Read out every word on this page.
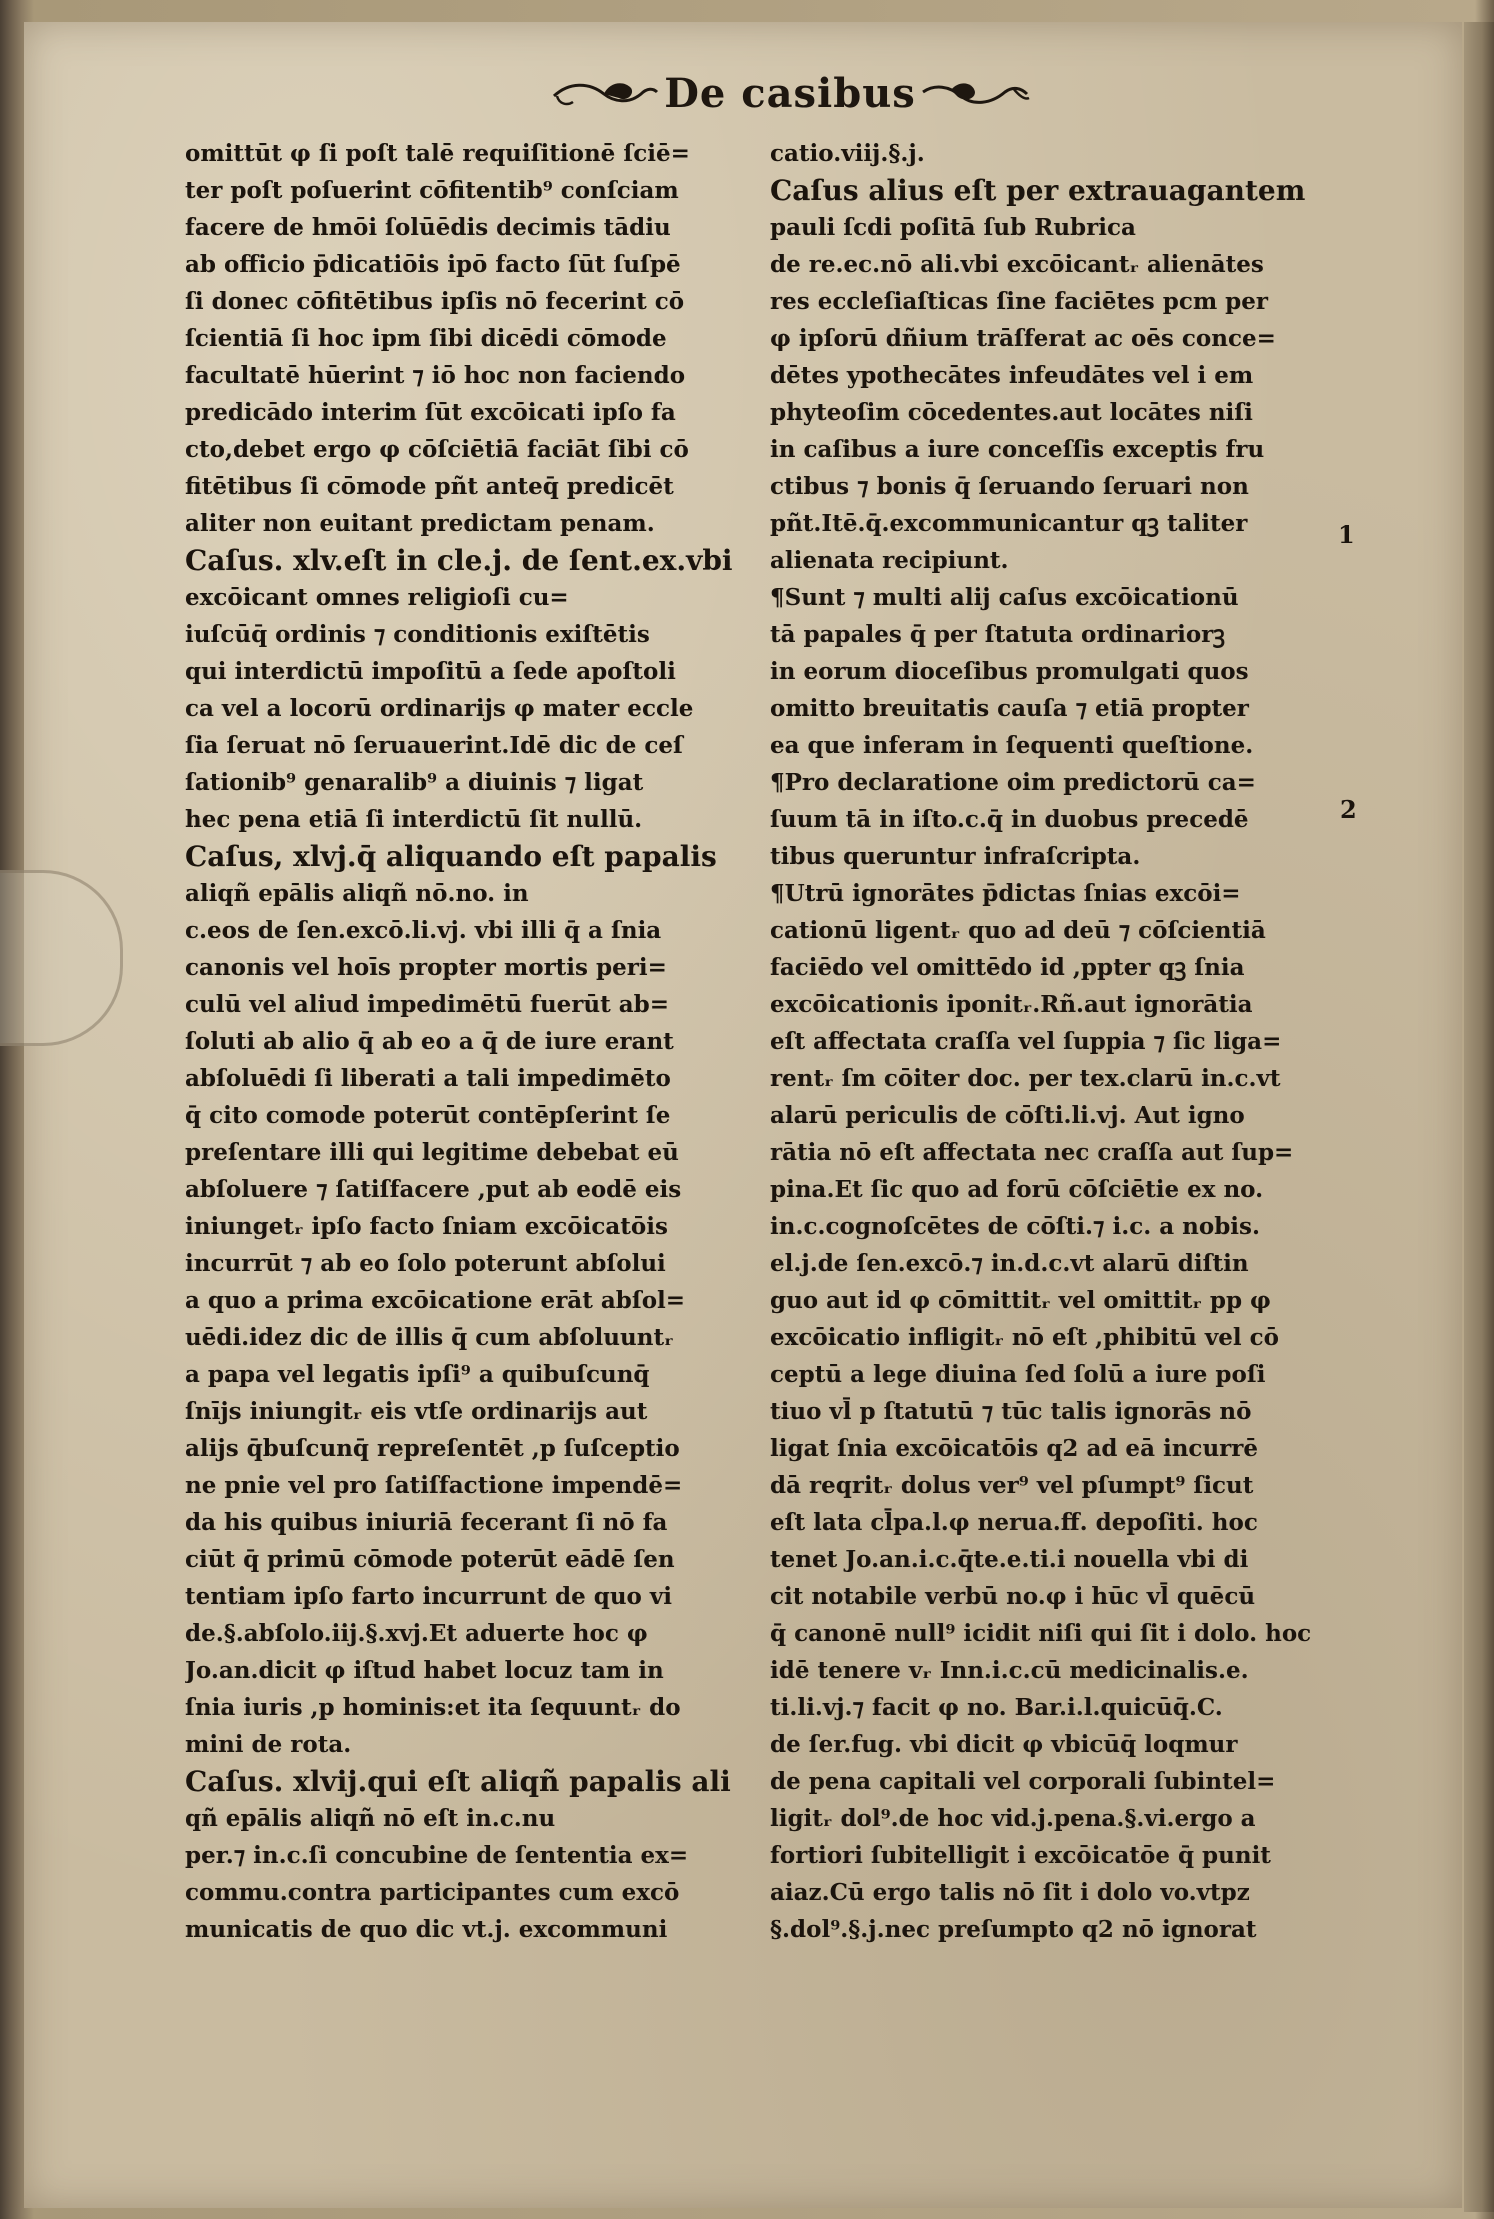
De casibus
omittūt φ ſi poſt talē requiſitionē ſciē=
ter poſt poſuerint cōfitentib⁹ conſciam
facere de hmōi ſolūēdis decimis tādiu
ab officio p̄dicatiōis ipō facto ſūt ſuſpē
ſi donec cōfitētibus ipſis nō fecerint cō
ſcientiā ſi hoc ipm ſibi dicēdi cōmode
facultatē hūerint ⁊ iō hoc non faciendo
predicādo interim ſūt excōicati ipſo fa
cto,debet ergo φ cōſciētiā faciāt ſibi cō
fitētibus ſi cōmode pñt anteq̄ predicēt
aliter non euitant predictam penam.
Caſus. xlv.eſt in cle.j. de ſent.ex.vbi
excōicant omnes religioſi cu=
iuſcūq̄ ordinis ⁊ conditionis exiſtētis
qui interdictū impoſitū a ſede apoſtoli
ca vel a locorū ordinarijs φ mater eccle
ſia ſeruat nō ſeruauerint.Idē dic de ceſ
ſationib⁹ genaralib⁹ a diuinis ⁊ ligat
hec pena etiā ſi interdictū ſit nullū.
Caſus, xlvj.q̄ aliquando eſt papalis
aliqñ epālis aliqñ nō.no. in
c.eos de ſen.excō.li.vj. vbi illi q̄ a ſnia
canonis vel hoīs propter mortis peri=
culū vel aliud impedimētū fuerūt ab=
ſoluti ab alio q̄ ab eo a q̄ de iure erant
abſoluēdi ſi liberati a tali impedimēto
q̄ cito comode poterūt contēpſerint ſe
preſentare illi qui legitime debebat eū
abſoluere ⁊ ſatiſfacere ,put ab eodē eis
iniungetᵣ ipſo facto ſniam excōicatōis
incurrūt ⁊ ab eo ſolo poterunt abſolui
a quo a prima excōicatione erāt abſol=
uēdi.idez dic de illis q̄ cum abſoluuntᵣ
a papa vel legatis ipſi⁹ a quibuſcunq̄
ſnījs iniungitᵣ eis vtſe ordinarijs aut
alijs q̄buſcunq̄ repreſentēt ,p ſuſceptio
ne pnie vel pro ſatiſfactione impendē=
da his quibus iniuriā fecerant ſi nō fa
ciūt q̄ primū cōmode poterūt eādē ſen
tentiam ipſo farto incurrunt de quo vi
de.§.abſolo.iij.§.xvj.Et aduerte hoc φ
Jo.an.dicit φ iſtud habet locuz tam in
ſnia iuris ,p hominis:et ita ſequuntᵣ do
mini de rota.
Caſus. xlvij.qui eſt aliqñ papalis ali
qñ epālis aliqñ nō eſt in.c.nu
per.⁊ in.c.ſi concubine de ſententia ex=
commu.contra participantes cum excō
municatis de quo dic vt.j. excommuni
catio.viij.§.j.
Caſus alius eſt per extrauagantem
pauli ſcdi poſitā ſub Rubrica
de re.ec.nō ali.vbi excōicantᵣ alienātes
res eccleſiaſticas ſine faciētes pcm per
φ ipſorū dñium trāſferat ac oēs conce=
dētes ypothecātes infeudātes vel i em
phyteoſim cōcedentes.aut locātes niſi
in caſibus a iure conceſſis exceptis fru
ctibus ⁊ bonis q̄ ſeruando ſeruari non
pñt.Itē.q̄.excommunicantur qꝫ taliter
alienata recipiunt.
¶Sunt ⁊ multi alij caſus excōicationū
tā papales q̄ per ſtatuta ordinariorꝫ
in eorum dioceſibus promulgati quos
omitto breuitatis cauſa ⁊ etiā propter
ea que inferam in ſequenti queſtione.
¶Pro declaratione oim predictorū ca=
ſuum tā in iſto.c.q̄ in duobus precedē
tibus queruntur infraſcripta.
¶Utrū ignorātes p̄dictas ſnias excōi=
cationū ligentᵣ quo ad deū ⁊ cōſcientiā
faciēdo vel omittēdo id ,ppter qꝫ ſnia
excōicationis iponitᵣ.Rñ.aut ignorātia
eſt affectata craſſa vel ſuppia ⁊ ſic liga=
rentᵣ ſm cōiter doc. per tex.clarū in.c.vt
alarū periculis de cōſti.li.vj. Aut igno
rātia nō eſt affectata nec craſſa aut ſup=
pina.Et ſic quo ad forū cōſciētie ex no.
in.c.cognoſcētes de cōſti.⁊ i.c. a nobis.
el.j.de ſen.excō.⁊ in.d.c.vt alarū diſtin
guo aut id φ cōmittitᵣ vel omittitᵣ pp φ
excōicatio infligitᵣ nō eſt ,phibitū vel cō
ceptū a lege diuina ſed ſolū a iure poſi
tiuo vl̄ p ſtatutū ⁊ tūc talis ignorās nō
ligat ſnia excōicatōis q2 ad eā incurrē
dā reqritᵣ dolus ver⁹ vel pſumpt⁹ ſicut
eſt lata cl̄pa.l.φ nerua.ff. depoſiti. hoc
tenet Jo.an.i.c.q̄te.e.ti.i nouella vbi di
cit notabile verbū no.φ i hūc vl̄ quēcū
q̄ canonē null⁹ icidit niſi qui ſit i dolo. hoc
idē tenere vᵣ Inn.i.c.cū medicinalis.e.
ti.li.vj.⁊ facit φ no. Bar.i.l.quicūq̄.C.
de ſer.fug. vbi dicit φ vbicūq̄ loqmur
de pena capitali vel corporali ſubintel=
ligitᵣ dol⁹.de hoc vid.j.pena.§.vi.ergo a
fortiori ſubitelligit i excōicatōe q̄ punit
aiaz.Cū ergo talis nō ſit i dolo vo.vtpz
§.dol⁹.§.j.nec preſumpto q2 nō ignorat
1
2
